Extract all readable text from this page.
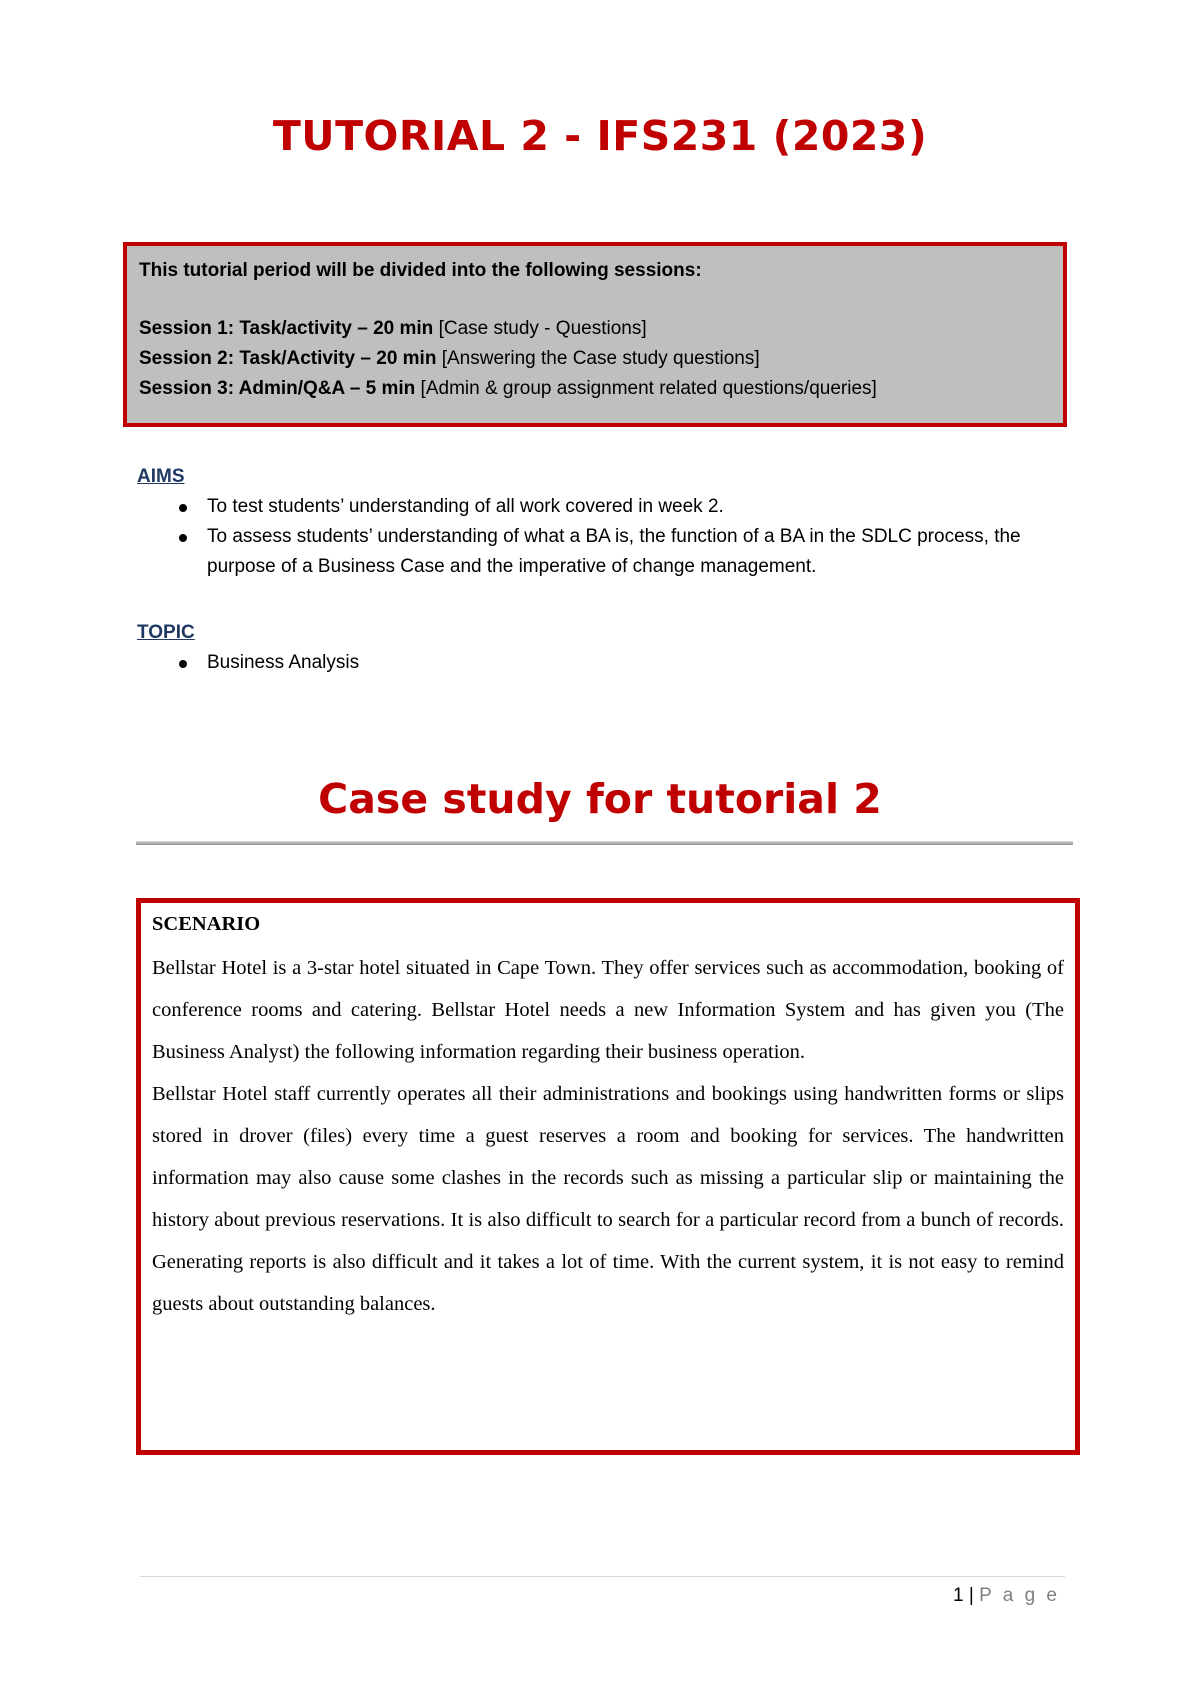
TUTORIAL 2 - IFS231 (2023)
This tutorial period will be divided into the following sessions:
Session 1: Task/activity – 20 min [Case study - Questions]
Session 2: Task/Activity – 20 min [Answering the Case study questions]
Session 3: Admin/Q&A – 5 min [Admin & group assignment related questions/queries]
AIMS
To test students’ understanding of all work covered in week 2.
To assess students’ understanding of what a BA is, the function of a BA in the SDLC process, the purpose of a Business Case and the imperative of change management.
TOPIC
Business Analysis
Case study for tutorial 2
SCENARIO

Bellstar Hotel is a 3-star hotel situated in Cape Town. They offer services such as accommodation, booking of conference rooms and catering. Bellstar Hotel needs a new Information System and has given you (The Business Analyst) the following information regarding their business operation.

Bellstar Hotel staff currently operates all their administrations and bookings using handwritten forms or slips stored in drover (files) every time a guest reserves a room and booking for services. The handwritten information may also cause some clashes in the records such as missing a particular slip or maintaining the history about previous reservations. It is also difficult to search for a particular record from a bunch of records. Generating reports is also difficult and it takes a lot of time. With the current system, it is not easy to remind guests about outstanding balances.

1 | P a g e
